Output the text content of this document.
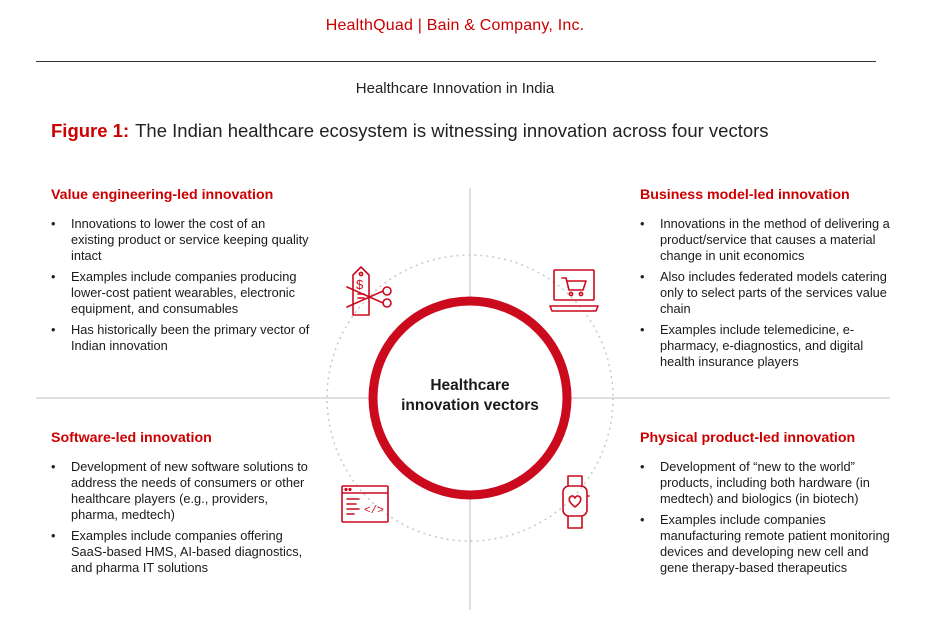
HealthQuad | Bain & Company, Inc.
Healthcare Innovation in India
Figure 1: The Indian healthcare ecosystem is witnessing innovation across four vectors
$
</>
Healthcare
innovation vectors
Value engineering-led innovation
• Innovations to lower the cost of an existing product or service keeping quality intact
• Examples include companies producing lower-cost patient wearables, electronic equipment, and consumables
• Has historically been the primary vector of Indian innovation
Business model-led innovation
• Innovations in the method of delivering a product/service that causes a material change in unit economics
• Also includes federated models catering only to select parts of the services value chain
• Examples include telemedicine, e-pharmacy, e-diagnostics, and digital health insurance players
Software-led innovation
• Development of new software solutions to address the needs of consumers or other healthcare players (e.g., providers, pharma, medtech)
• Examples include companies offering SaaS-based HMS, AI-based diagnostics, and pharma IT solutions
Physical product-led innovation
• Development of “new to the world” products, including both hardware (in medtech) and biologics (in biotech)
• Examples include companies manufacturing remote patient monitoring devices and developing new cell and gene therapy-based therapeutics
